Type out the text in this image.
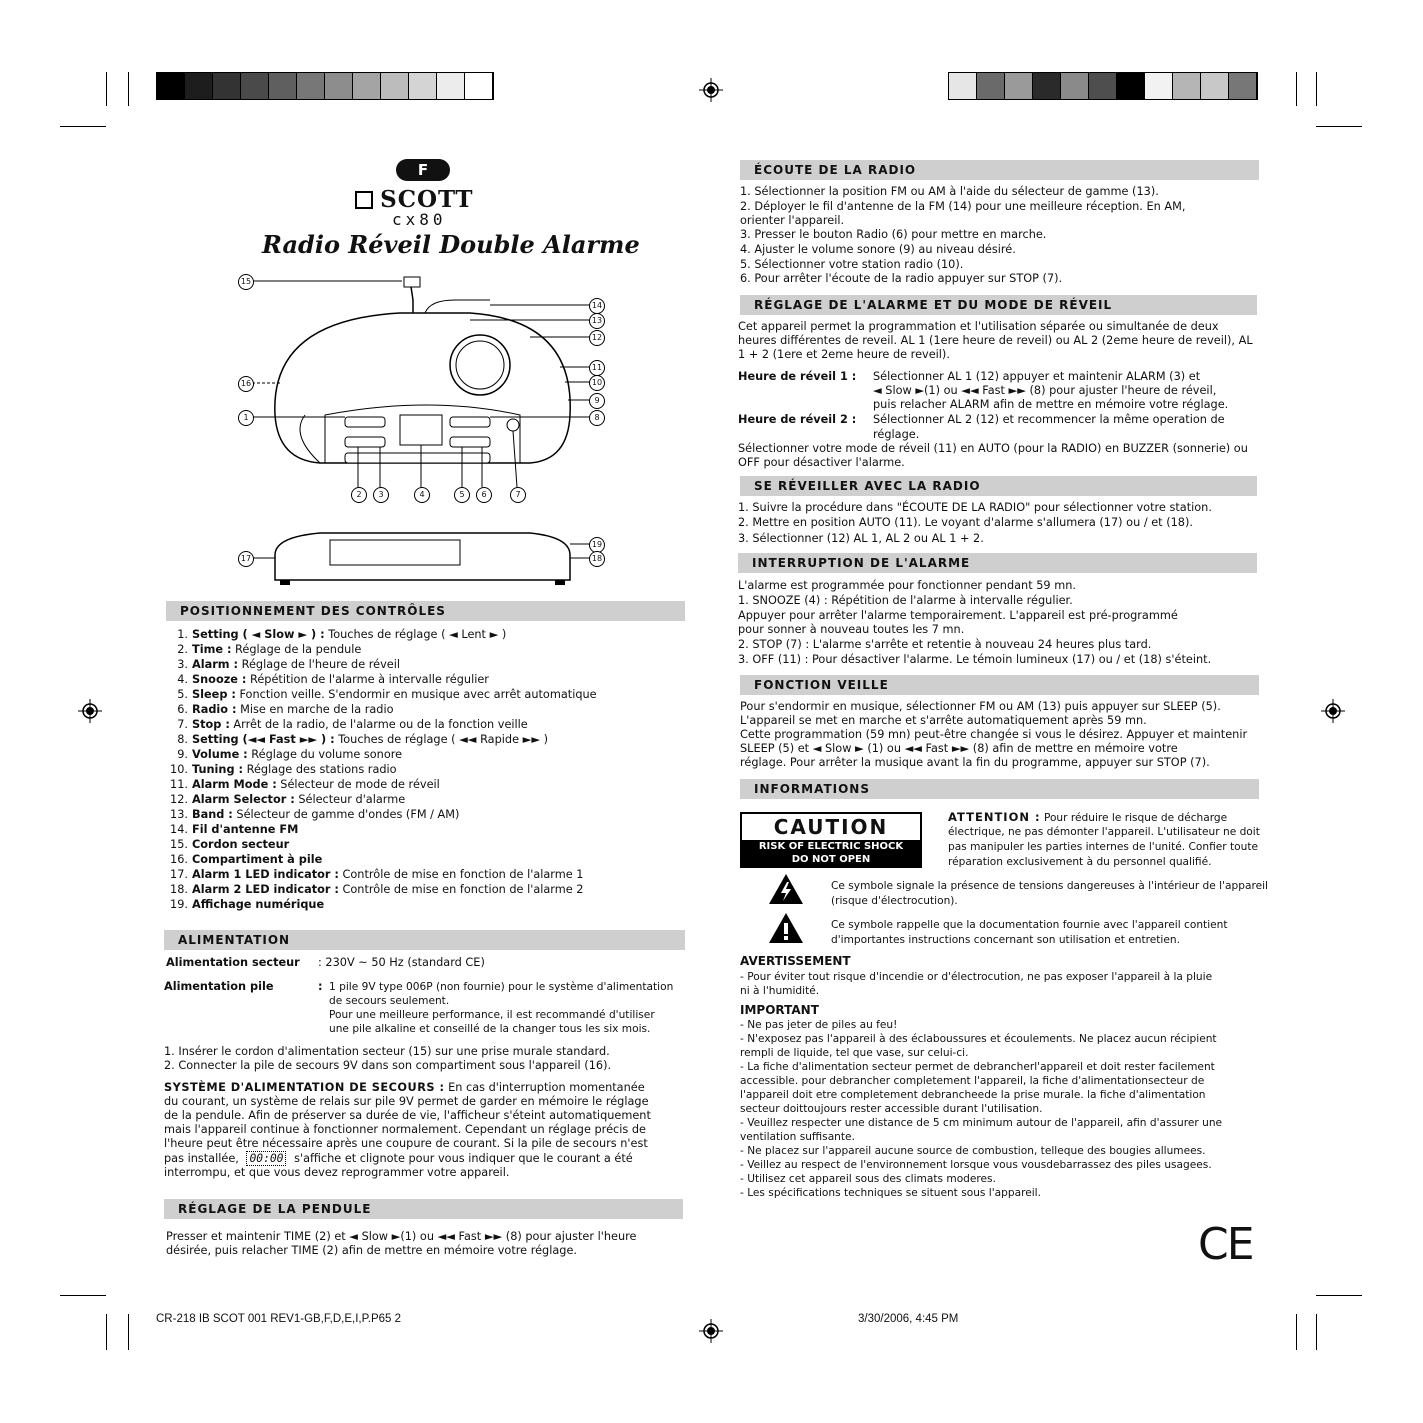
F
SCOTT
cx80
Radio Réveil Double Alarme
15
16
1
14
13
12
11
10
9
8
2	3	4	5	6	7
17
19
18
POSITIONNEMENT DES CONTRÔLES
1. Setting ( ◄ Slow ► ) : Touches de réglage ( ◄ Lent ► )
2. Time : Réglage de la pendule
3. Alarm : Réglage de l'heure de réveil
4. Snooze : Répétition de l'alarme à intervalle régulier
5. Sleep : Fonction veille. S'endormir en musique avec arrêt automatique
6. Radio : Mise en marche de la radio
7. Stop : Arrêt de la radio, de l'alarme ou de la fonction veille
8. Setting (◄◄ Fast ►► ) : Touches de réglage ( ◄◄ Rapide ►► )
9. Volume : Réglage du volume sonore
10. Tuning : Réglage des stations radio
11. Alarm Mode : Sélecteur de mode de réveil
12. Alarm Selector : Sélecteur d'alarme
13. Band : Sélecteur de gamme d'ondes (FM / AM)
14. Fil d'antenne FM
15. Cordon secteur
16. Compartiment à pile
17. Alarm 1 LED indicator : Contrôle de mise en fonction de l'alarme 1
18. Alarm 2 LED indicator : Contrôle de mise en fonction de l'alarme 2
19. Affichage numérique
ALIMENTATION
Alimentation secteur : 230V ~ 50 Hz (standard CE)
Alimentation pile	: 1 pile 9V type 006P (non fournie) pour le système d'alimentation
de secours seulement.
Pour une meilleure performance, il est recommandé d'utiliser
une pile alkaline et conseillé de la changer tous les six mois.
1. Insérer le cordon d'alimentation secteur (15) sur une prise murale standard.
2. Connecter la pile de secours 9V dans son compartiment sous l'appareil (16).
SYSTÈME D'ALIMENTATION DE SECOURS : En cas d'interruption momentanée
du courant, un système de relais sur pile 9V permet de garder en mémoire le réglage
de la pendule. Afin de préserver sa durée de vie, l'afficheur s'éteint automatiquement
mais l'appareil continue à fonctionner normalement. Cependant un réglage précis de
l'heure peut être nécessaire après une coupure de courant. Si la pile de secours n'est
pas installée, 00:00 s'affiche et clignote pour vous indiquer que le courant a été
interrompu, et que vous devez reprogrammer votre appareil.
RÉGLAGE DE LA PENDULE
Presser et maintenir TIME (2) et ◄ Slow ►(1) ou ◄◄ Fast ►► (8) pour ajuster l'heure
désirée, puis relacher TIME (2) afin de mettre en mémoire votre réglage.
ÉCOUTE DE LA RADIO
1. Sélectionner la position FM ou AM à l'aide du sélecteur de gamme (13).
2. Déployer le fil d'antenne de la FM (14) pour une meilleure réception. En AM,
orienter l'appareil.
3. Presser le bouton Radio (6) pour mettre en marche.
4. Ajuster le volume sonore (9) au niveau désiré.
5. Sélectionner votre station radio (10).
6. Pour arrêter l'écoute de la radio appuyer sur STOP (7).
RÉGLAGE DE L'ALARME ET DU MODE DE RÉVEIL
Cet appareil permet la programmation et l'utilisation séparée ou simultanée de deux
heures différentes de reveil. AL 1 (1ere heure de reveil) ou AL 2 (2eme heure de reveil), AL
1 + 2 (1ere et 2eme heure de reveil).
Heure de réveil 1 : Sélectionner AL 1 (12) appuyer et maintenir ALARM (3) et
◄ Slow ►(1) ou ◄◄ Fast ►► (8) pour ajuster l'heure de réveil,
puis relacher ALARM afin de mettre en mémoire votre réglage.
Heure de réveil 2 : Sélectionner AL 2 (12) et recommencer la même operation de
réglage.
Sélectionner votre mode de réveil (11) en AUTO (pour la RADIO) en BUZZER (sonnerie) ou
OFF pour désactiver l'alarme.
SE RÉVEILLER AVEC LA RADIO
1. Suivre la procédure dans "ÉCOUTE DE LA RADIO" pour sélectionner votre station.
2. Mettre en position AUTO (11). Le voyant d'alarme s'allumera (17) ou / et (18).
3. Sélectionner (12) AL 1, AL 2 ou AL 1 + 2.
INTERRUPTION DE L'ALARME
L'alarme est programmée pour fonctionner pendant 59 mn.
1. SNOOZE (4) : Répétition de l'alarme à intervalle régulier.
Appuyer pour arrêter l'alarme temporairement. L'appareil est pré-programmé
pour sonner à nouveau toutes les 7 mn.
2. STOP (7) : L'alarme s'arrête et retentie à nouveau 24 heures plus tard.
3. OFF (11) : Pour désactiver l'alarme. Le témoin lumineux (17) ou / et (18) s'éteint.
FONCTION VEILLE
Pour s'endormir en musique, sélectionner FM ou AM (13) puis appuyer sur SLEEP (5).
L'appareil se met en marche et s'arrête automatiquement après 59 mn.
Cette programmation (59 mn) peut-être changée si vous le désirez. Appuyer et maintenir
SLEEP (5) et ◄ Slow ► (1) ou ◄◄ Fast ►► (8) afin de mettre en mémoire votre
réglage. Pour arrêter la musique avant la fin du programme, appuyer sur STOP (7).
INFORMATIONS
CAUTION
RISK OF ELECTRIC SHOCK
DO NOT OPEN
ATTENTION : Pour réduire le risque de décharge
électrique, ne pas démonter l'appareil. L'utilisateur ne doit
pas manipuler les parties internes de l'unité. Confier toute
réparation exclusivement à du personnel qualifié.
Ce symbole signale la présence de tensions dangereuses à l'intérieur de l'appareil
(risque d'électrocution).
Ce symbole rappelle que la documentation fournie avec l'appareil contient
d'importantes instructions concernant son utilisation et entretien.
AVERTISSEMENT
- Pour éviter tout risque d'incendie or d'électrocution, ne pas exposer l'appareil à la pluie
ni à l'humidité.
IMPORTANT
- Ne pas jeter de piles au feu!
- N'exposez pas l'appareil à des éclaboussures et écoulements. Ne placez aucun récipient
rempli de liquide, tel que vase, sur celui-ci.
- La fiche d'alimentation secteur permet de debrancherl'appareil et doit rester facilement
accessible. pour debrancher completement l'appareil, la fiche d'alimentationsecteur de
l'appareil doit etre completement debrancheede la prise murale. la fiche d'alimentation
secteur doittoujours rester accessible durant l'utilisation.
- Veuillez respecter une distance de 5 cm minimum autour de l'appareil, afin d'assurer une
ventilation suffisante.
- Ne placez sur l'appareil aucune source de combustion, telleque des bougies allumees.
- Veillez au respect de l'environnement lorsque vous vousdebarrassez des piles usagees.
- Utilisez cet appareil sous des climats moderes.
- Les spécifications techniques se situent sous l'appareil.
CE
CR-218 IB SCOT 001 REV1-GB,F,D,E,I,P.P65 2	3/30/2006, 4:45 PM
